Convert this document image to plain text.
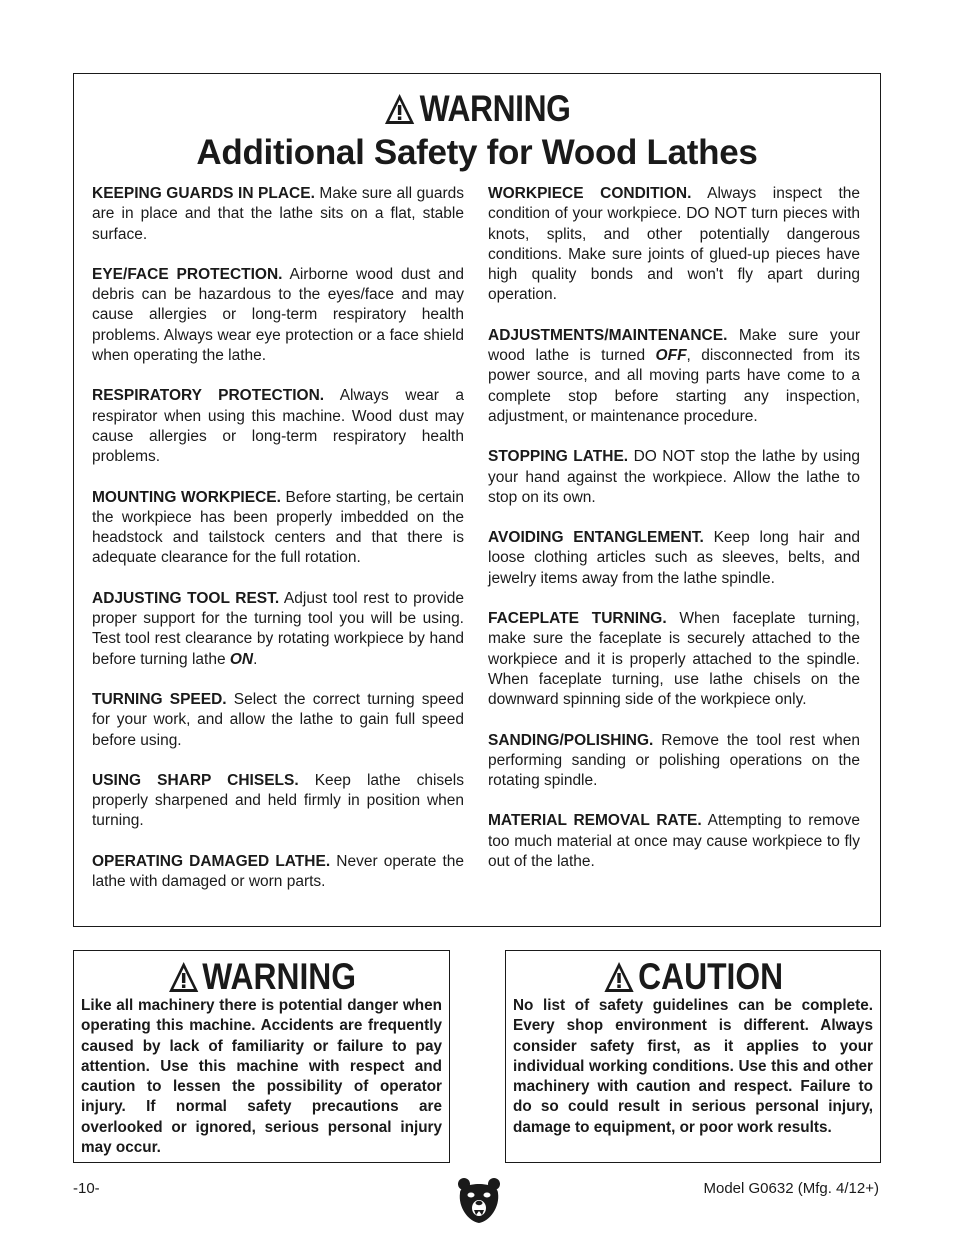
WARNING
Additional Safety for Wood Lathes

KEEPING GUARDS IN PLACE. Make sure all guards are in place and that the lathe sits on a flat, stable surface.

EYE/FACE PROTECTION. Airborne wood dust and debris can be hazardous to the eyes/face and may cause allergies or long-term respiratory health problems. Always wear eye protection or a face shield when operating the lathe.

RESPIRATORY PROTECTION. Always wear a respirator when using this machine. Wood dust may cause allergies or long-term respiratory health problems.

MOUNTING WORKPIECE. Before starting, be certain the workpiece has been properly imbedded on the headstock and tailstock centers and that there is adequate clearance for the full rotation.

ADJUSTING TOOL REST. Adjust tool rest to provide proper support for the turning tool you will be using. Test tool rest clearance by rotating workpiece by hand before turning lathe ON.

TURNING SPEED. Select the correct turning speed for your work, and allow the lathe to gain full speed before using.

USING SHARP CHISELS. Keep lathe chisels properly sharpened and held firmly in position when turning.

OPERATING DAMAGED LATHE. Never operate the lathe with damaged or worn parts.

WORKPIECE CONDITION. Always inspect the condition of your workpiece. DO NOT turn pieces with knots, splits, and other potentially dangerous conditions. Make sure joints of glued-up pieces have high quality bonds and won't fly apart during operation.

ADJUSTMENTS/MAINTENANCE. Make sure your wood lathe is turned OFF, disconnected from its power source, and all moving parts have come to a complete stop before starting any inspection, adjustment, or maintenance procedure.

STOPPING LATHE. DO NOT stop the lathe by using your hand against the workpiece. Allow the lathe to stop on its own.

AVOIDING ENTANGLEMENT. Keep long hair and loose clothing articles such as sleeves, belts, and jewelry items away from the lathe spindle.

FACEPLATE TURNING. When faceplate turning, make sure the faceplate is securely attached to the workpiece and it is properly attached to the spindle. When faceplate turning, use lathe chisels on the downward spinning side of the workpiece only.

SANDING/POLISHING. Remove the tool rest when performing sanding or polishing operations on the rotating spindle.

MATERIAL REMOVAL RATE. Attempting to remove too much material at once may cause workpiece to fly out of the lathe.

WARNING
Like all machinery there is potential danger when operating this machine. Accidents are frequently caused by lack of familiarity or failure to pay attention. Use this machine with respect and caution to lessen the possibility of operator injury. If normal safety precautions are overlooked or ignored, serious personal injury may occur.
CAUTION
No list of safety guidelines can be complete. Every shop environment is different. Always consider safety first, as it applies to your individual working conditions. Use this and other machinery with caution and respect. Failure to do so could result in serious personal injury, damage to equipment, or poor work results.
-10-	Model G0632 (Mfg. 4/12+)
